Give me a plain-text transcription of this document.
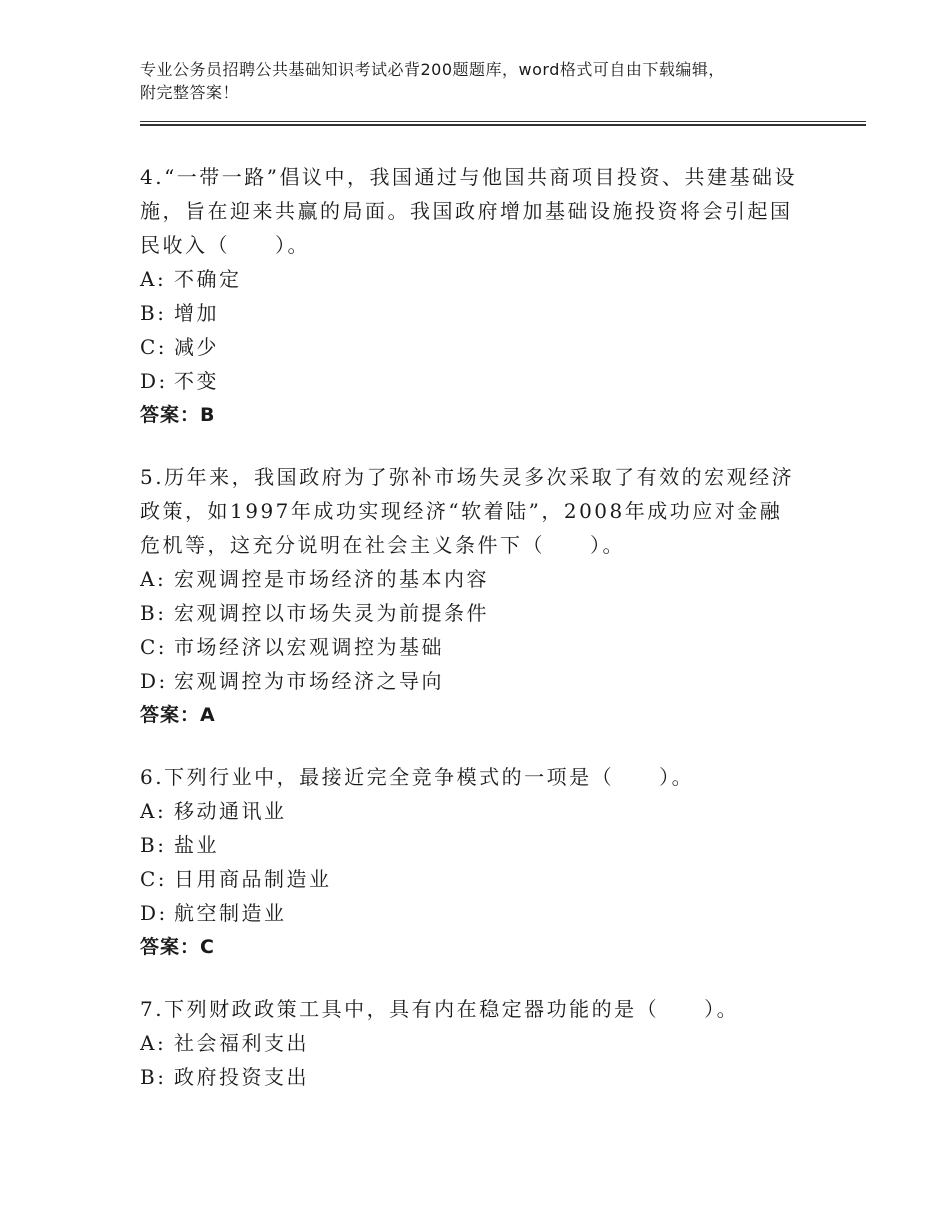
专业公务员招聘公共基础知识考试必背200题题库，word格式可自由下载编辑，
附完整答案！

4.“一带一路”倡议中，我国通过与他国共商项目投资、共建基础设施，旨在迎来共赢的局面。我国政府增加基础设施投资将会引起国民收入（　　）。

A: 不确定

B: 增加

C: 减少

D: 不变

答案：B

5.历年来，我国政府为了弥补市场失灵多次采取了有效的宏观经济政策，如1997年成功实现经济“软着陆”，2008年成功应对金融危机等，这充分说明在社会主义条件下（　　）。

A: 宏观调控是市场经济的基本内容

B: 宏观调控以市场失灵为前提条件

C: 市场经济以宏观调控为基础

D: 宏观调控为市场经济之导向

答案：A

6.下列行业中，最接近完全竞争模式的一项是（　　）。

A: 移动通讯业

B: 盐业

C: 日用商品制造业

D: 航空制造业

答案：C

7.下列财政政策工具中，具有内在稳定器功能的是（　　）。

A: 社会福利支出

B: 政府投资支出
